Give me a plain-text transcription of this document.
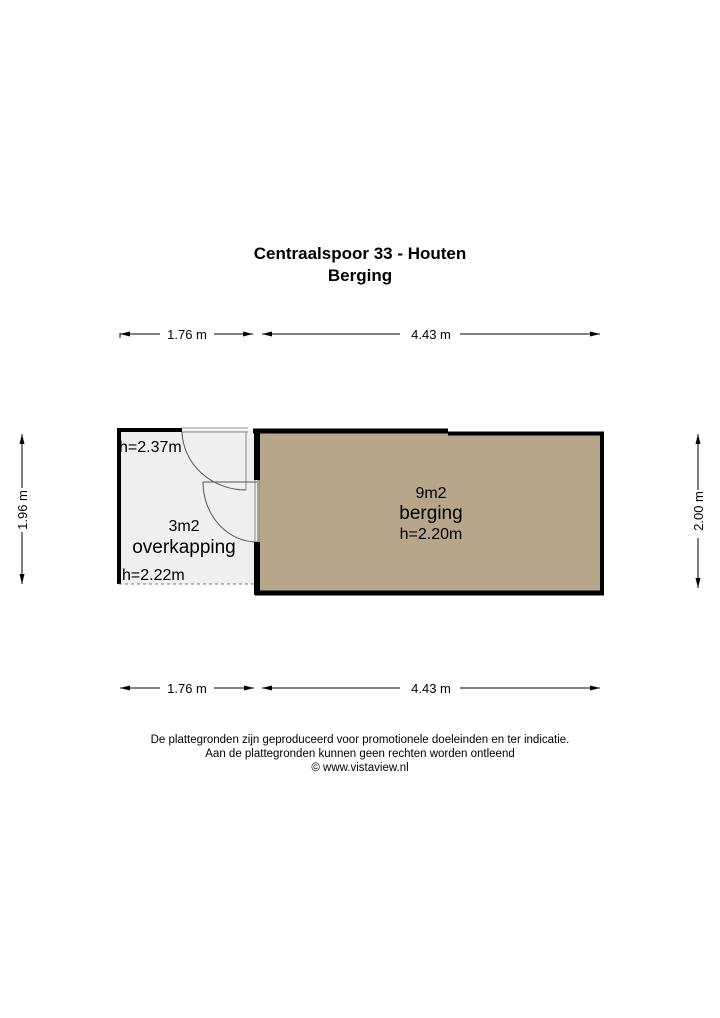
Centraalspoor 33 - Houten
Berging
1.76 m	4.43 m
1.96 m	2.00 m
h=2.37m
3m2
overkapping
h=2.22m
9m2
berging
h=2.20m
1.76 m	4.43 m
De plattegronden zijn geproduceerd voor promotionele doeleinden en ter indicatie.
Aan de plattegronden kunnen geen rechten worden ontleend
© www.vistaview.nl
